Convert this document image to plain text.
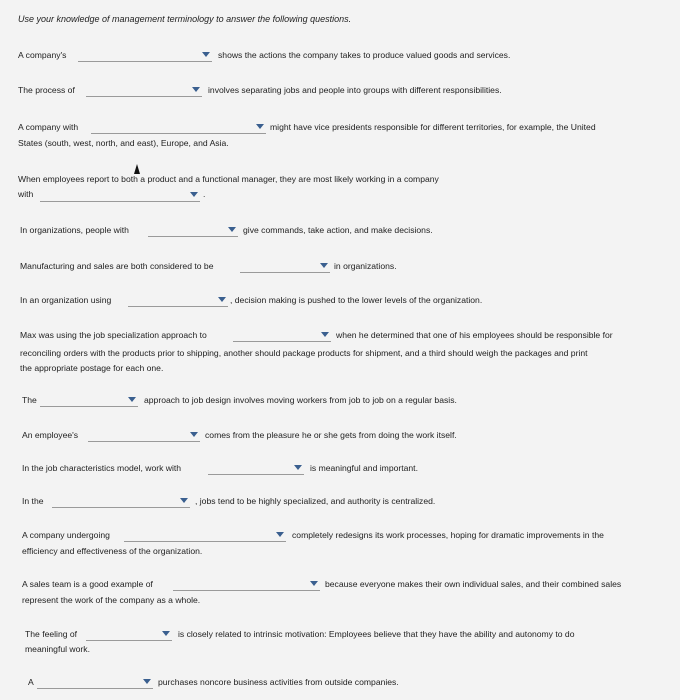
Use your knowledge of management terminology to answer the following questions.
A company's	shows the actions the company takes to produce valued goods and services.
The process of	involves separating jobs and people into groups with different responsibilities.
A company with	might have vice presidents responsible for different territories, for example, the United
States (south, west, north, and east), Europe, and Asia.
When employees report to both a product and a functional manager, they are most likely working in a company
with	.
In organizations, people with	give commands, take action, and make decisions.
Manufacturing and sales are both considered to be	in organizations.
In an organization using	, decision making is pushed to the lower levels of the organization.
Max was using the job specialization approach to	when he determined that one of his employees should be responsible for
reconciling orders with the products prior to shipping, another should package products for shipment, and a third should weigh the packages and print
the appropriate postage for each one.
The	approach to job design involves moving workers from job to job on a regular basis.
An employee's	comes from the pleasure he or she gets from doing the work itself.
In the job characteristics model, work with	is meaningful and important.
In the	, jobs tend to be highly specialized, and authority is centralized.
A company undergoing	completely redesigns its work processes, hoping for dramatic improvements in the
efficiency and effectiveness of the organization.
A sales team is a good example of	because everyone makes their own individual sales, and their combined sales
represent the work of the company as a whole.
The feeling of	is closely related to intrinsic motivation: Employees believe that they have the ability and autonomy to do
meaningful work.
A	purchases noncore business activities from outside companies.
